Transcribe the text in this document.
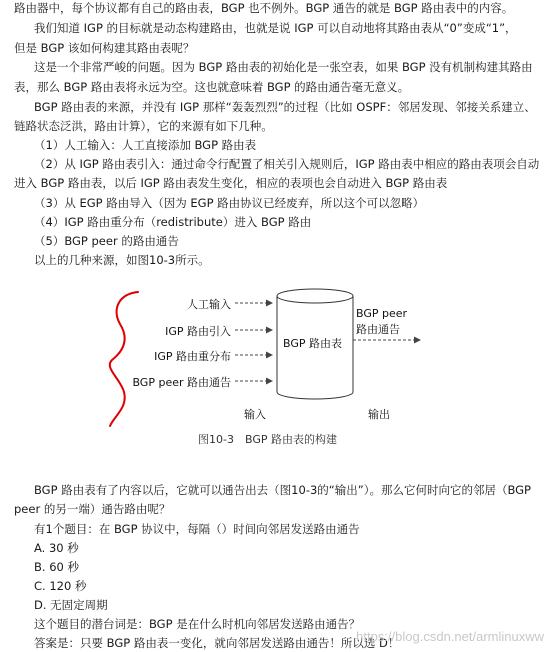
路由器中，每个协议都有自己的路由表，BGP 也不例外。BGP 通告的就是 BGP 路由表中的内容。
我们知道 IGP 的目标就是动态构建路由，也就是说 IGP 可以自动地将其路由表从“0”变成“1”，
但是 BGP 该如何构建其路由表呢？
这是一个非常严峻的问题。因为 BGP 路由表的初始化是一张空表，如果 BGP 没有机制构建其路由
表，那么 BGP 路由表将永远为空。这也就意味着 BGP 的路由通告毫无意义。
BGP 路由表的来源，并没有 IGP 那样“轰轰烈烈”的过程（比如 OSPF：邻居发现、邻接关系建立、
链路状态泛洪，路由计算），它的来源有如下几种。
（1）人工输入：人工直接添加 BGP 路由表
（2）从 IGP 路由表引入：通过命令行配置了相关引入规则后，IGP 路由表中相应的路由表项会自动
进入 BGP 路由表，以后 IGP 路由表发生变化，相应的表项也会自动进入 BGP 路由表
（3）从 EGP 路由导入（因为 EGP 路由协议已经废弃，所以这个可以忽略）
（4）IGP 路由重分布（redistribute）进入 BGP 路由
（5）BGP peer 的路由通告
以上的几种来源，如图10-3所示。
人工输入
IGP 路由引入
IGP 路由重分布
BGP peer 路由通告
BGP 路由表
BGP peer
路由通告
输入	输出
图10-3　BGP 路由表的构建
BGP 路由表有了内容以后，它就可以通告出去（图10-3的“输出”）。那么它何时向它的邻居（BGP
peer 的另一端）通告路由呢？
有1个题目：在 BGP 协议中，每隔（）时间向邻居发送路由通告
A. 30 秒
B. 60 秒
C. 120 秒
D. 无固定周期
这个题目的潜台词是：BGP 是在什么时机向邻居发送路由通告？
答案是：只要 BGP 路由表一变化，就向邻居发送路由通告！所以选 D！
https://blog.csdn.net/armlinuxww
